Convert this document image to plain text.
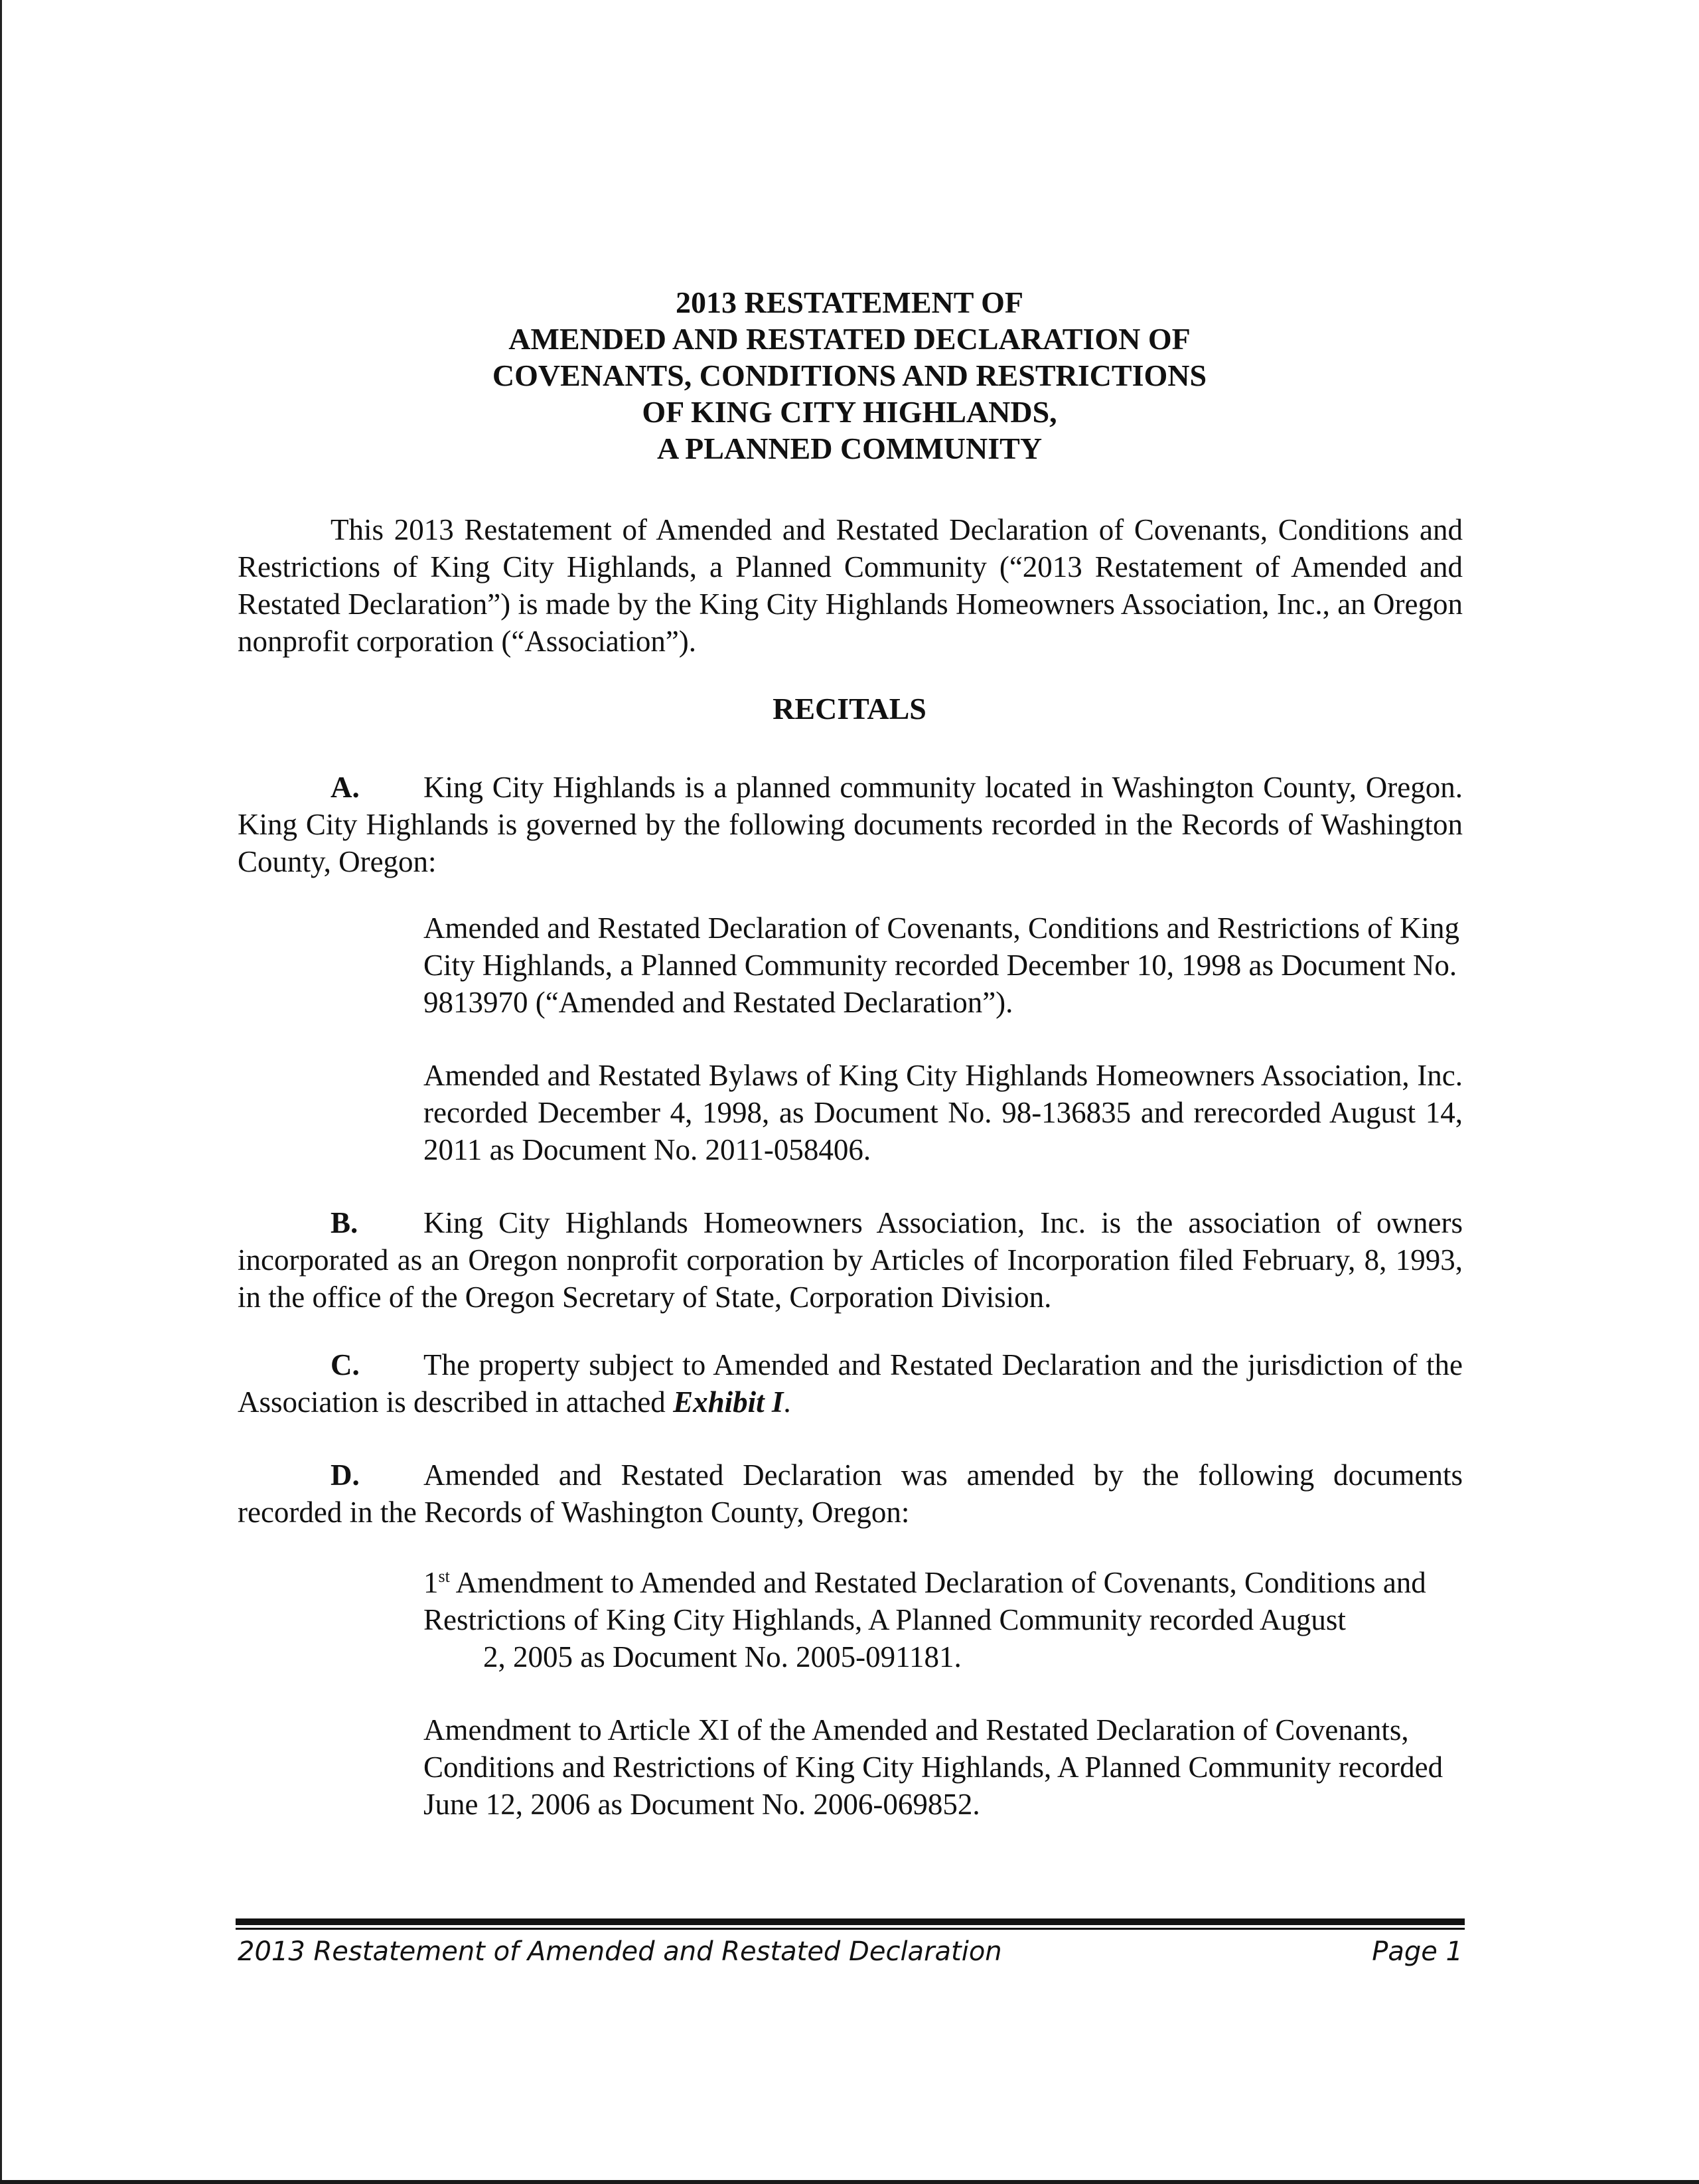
2013 RESTATEMENT OF
AMENDED AND RESTATED DECLARATION OF
COVENANTS, CONDITIONS AND RESTRICTIONS
OF KING CITY HIGHLANDS,
A PLANNED COMMUNITY

This 2013 Restatement of Amended and Restated Declaration of Covenants, Conditions and Restrictions of King City Highlands, a Planned Community (“2013 Restatement of Amended and Restated Declaration”) is made by the King City Highlands Homeowners Association, Inc., an Oregon nonprofit corporation (“Association”).

RECITALS

A. King City Highlands is a planned community located in Washington County, Oregon. King City Highlands is governed by the following documents recorded in the Records of Washington County, Oregon:

Amended and Restated Declaration of Covenants, Conditions and Restrictions of King City Highlands, a Planned Community recorded December 10, 1998 as Document No. 9813970 (“Amended and Restated Declaration”).

Amended and Restated Bylaws of King City Highlands Homeowners Association, Inc. recorded December 4, 1998, as Document No. 98-136835 and rerecorded August 14, 2011 as Document No. 2011-058406.

B. King City Highlands Homeowners Association, Inc. is the association of owners incorporated as an Oregon nonprofit corporation by Articles of Incorporation filed February, 8, 1993, in the office of the Oregon Secretary of State, Corporation Division.

C. The property subject to Amended and Restated Declaration and the jurisdiction of the Association is described in attached Exhibit I.

D. Amended and Restated Declaration was amended by the following documents recorded in the Records of Washington County, Oregon:

1st Amendment to Amended and Restated Declaration of Covenants, Conditions and Restrictions of King City Highlands, A Planned Community recorded August
2, 2005 as Document No. 2005-091181.

Amendment to Article XI of the Amended and Restated Declaration of Covenants, Conditions and Restrictions of King City Highlands, A Planned Community recorded June 12, 2006 as Document No. 2006-069852.

2013 Restatement of Amended and Restated Declaration	Page 1
